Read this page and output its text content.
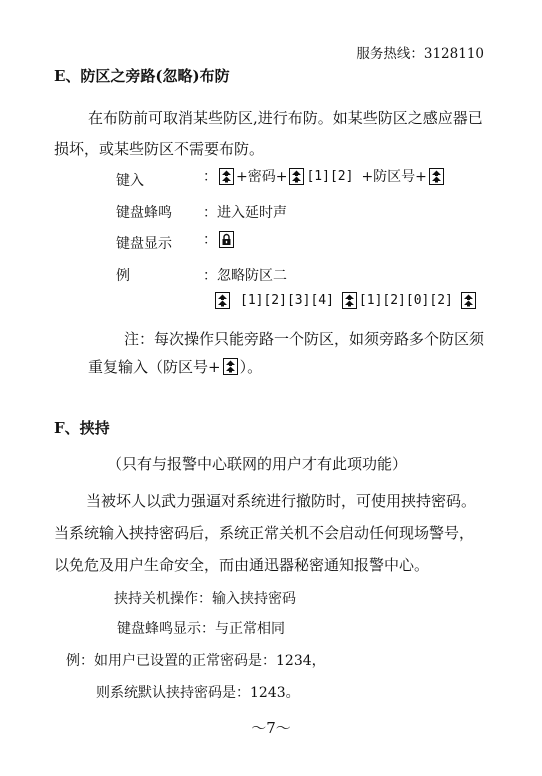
服务热线：3128110
E、防区之旁路(忽略)布防
在布防前可取消某些防区,进行布防。如某些防区之感应器已
损坏，或某些防区不需要布防。
键入	： +密码+ [1][2] +防区号+
键盘蜂鸣 ：进入延时声
键盘显示 ：
例	：忽略防区二
[1][2][3][4] [1][2][0][2]
注：每次操作只能旁路一个防区，如须旁路多个防区须
重复输入（防区号+ ）。
F、挟持
（只有与报警中心联网的用户才有此项功能）
当被坏人以武力强逼对系统进行撤防时，可使用挟持密码。
当系统输入挟持密码后，系统正常关机不会启动任何现场警号，
以免危及用户生命安全，而由通迅器秘密通知报警中心。
挟持关机操作：输入挟持密码
键盘蜂鸣显示：与正常相同
例：如用户已设置的正常密码是：1234，
则系统默认挟持密码是：1243。
～7～
